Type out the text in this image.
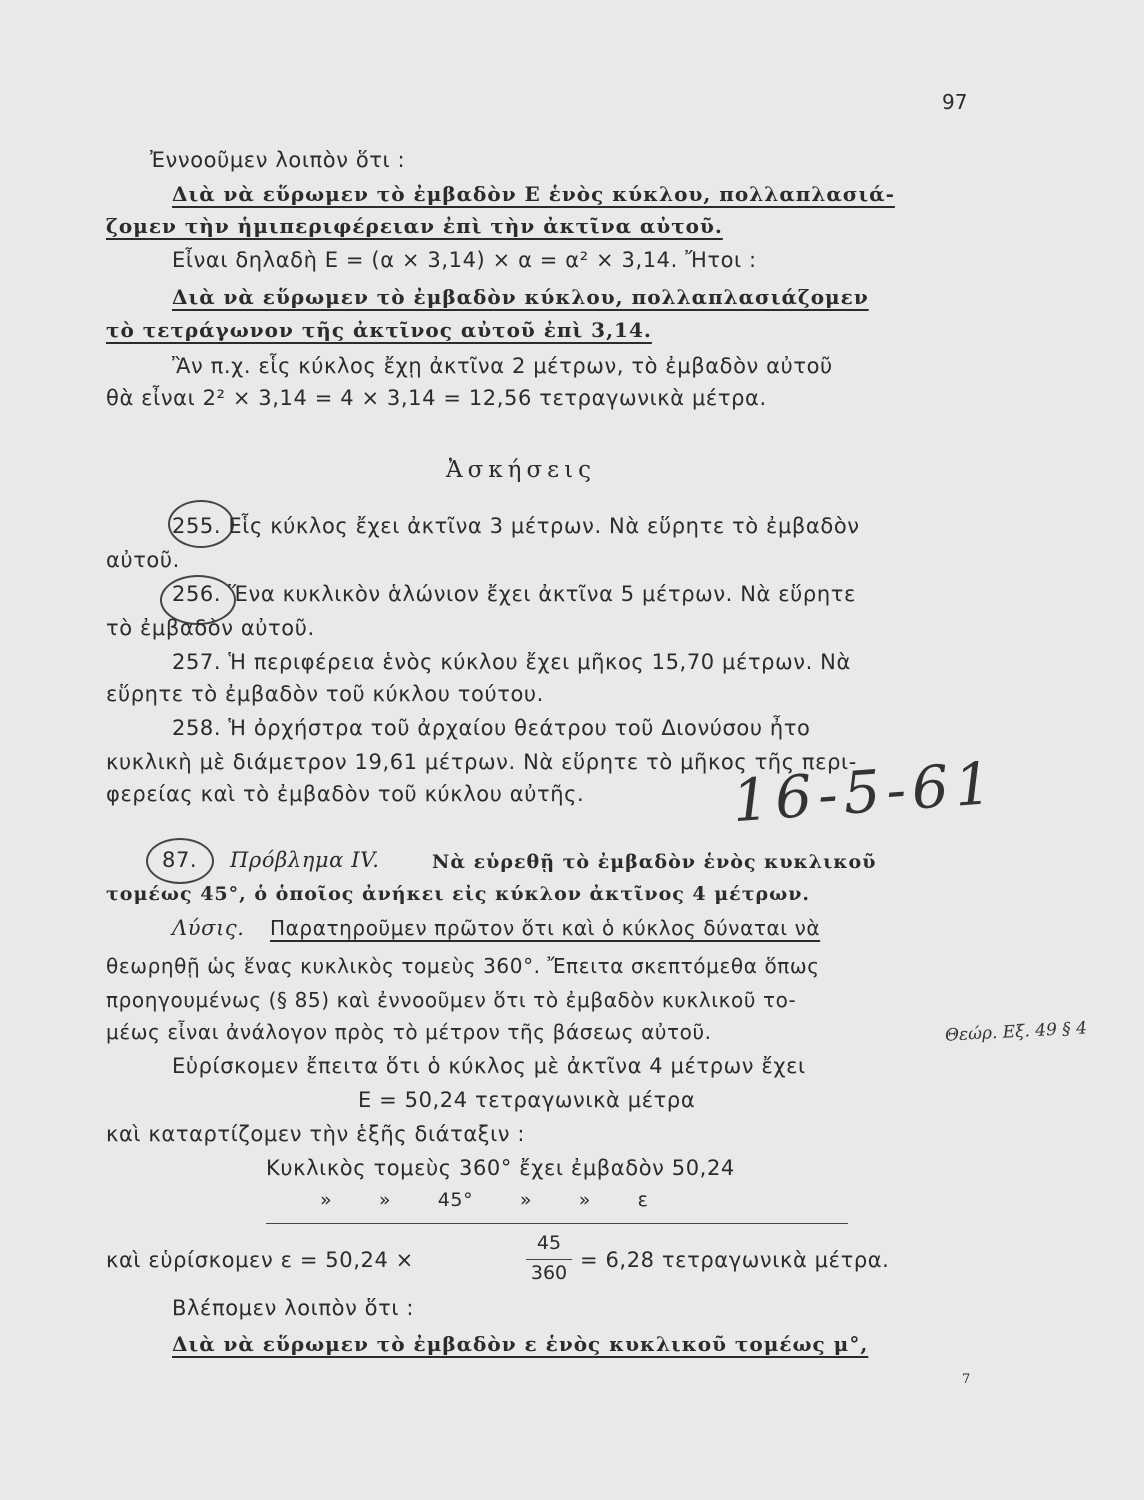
97
Ἐννοοῦμεν λοιπὸν ὅτι :
Διὰ νὰ εὕρωμεν τὸ ἐμβαδὸν Ε ἑνὸς κύκλου, πολλαπλασιά-
ζομεν τὴν ἡμιπεριφέρειαν ἐπὶ τὴν ἀκτῖνα αὐτοῦ.
Εἶναι δηλαδὴ Ε = (α × 3,14) × α = α² × 3,14. Ἤτοι :
Διὰ νὰ εὕρωμεν τὸ ἐμβαδὸν κύκλου, πολλαπλασιάζομεν
τὸ τετράγωνον τῆς ἀκτῖνος αὐτοῦ ἐπὶ 3,14.
Ἂν π.χ. εἷς κύκλος ἔχῃ ἀκτῖνα 2 μέτρων, τὸ ἐμβαδὸν αὐτοῦ
θὰ εἶναι 2² × 3,14 = 4 × 3,14 = 12,56 τετραγωνικὰ μέτρα.
Ἀσκήσεις
255. Εἷς κύκλος ἔχει ἀκτῖνα 3 μέτρων. Νὰ εὕρητε τὸ ἐμβαδὸν
αὐτοῦ.
256. Ἕνα κυκλικὸν ἁλώνιον ἔχει ἀκτῖνα 5 μέτρων. Νὰ εὕρητε
τὸ ἐμβαδὸν αὐτοῦ.
257. Ἡ περιφέρεια ἑνὸς κύκλου ἔχει μῆκος 15,70 μέτρων. Νὰ
εὕρητε τὸ ἐμβαδὸν τοῦ κύκλου τούτου.
258. Ἡ ὀρχήστρα τοῦ ἀρχαίου θεάτρου τοῦ Διονύσου ἦτο
κυκλικὴ μὲ διάμετρον 19,61 μέτρων. Νὰ εὕρητε τὸ μῆκος τῆς περι-
φερείας καὶ τὸ ἐμβαδὸν τοῦ κύκλου αὐτῆς.	16-5-61
87. Πρόβλημα IV.	Νὰ εὑρεθῇ τὸ ἐμβαδὸν ἑνὸς κυκλικοῦ
τομέως 45°, ὁ ὁποῖος ἀνήκει εἰς κύκλον ἀκτῖνος 4 μέτρων.
Λύσις. Παρατηροῦμεν πρῶτον ὅτι καὶ ὁ κύκλος δύναται νὰ
θεωρηθῇ ὡς ἕνας κυκλικὸς τομεὺς 360°. Ἔπειτα σκεπτόμεθα ὅπως
προηγουμένως (§ 85) καὶ ἐννοοῦμεν ὅτι τὸ ἐμβαδὸν κυκλικοῦ το-
μέως εἶναι ἀνάλογον πρὸς τὸ μέτρον τῆς βάσεως αὐτοῦ.	Θεώρ. Εξ. 49 § 4
Εὑρίσκομεν ἔπειτα ὅτι ὁ κύκλος μὲ ἀκτῖνα 4 μέτρων ἔχει
Ε = 50,24 τετραγωνικὰ μέτρα
καὶ καταρτίζομεν τὴν ἑξῆς διάταξιν :
Κυκλικὸς τομεὺς 360° ἔχει ἐμβαδὸν 50,24
» » 45° » » ε
καὶ εὑρίσκομεν ε = 50,24 ×
45
360
= 6,28 τετραγωνικὰ μέτρα.
Βλέπομεν λοιπὸν ὅτι :
Διὰ νὰ εὕρωμεν τὸ ἐμβαδὸν ε ἑνὸς κυκλικοῦ τομέως μ°,
7
